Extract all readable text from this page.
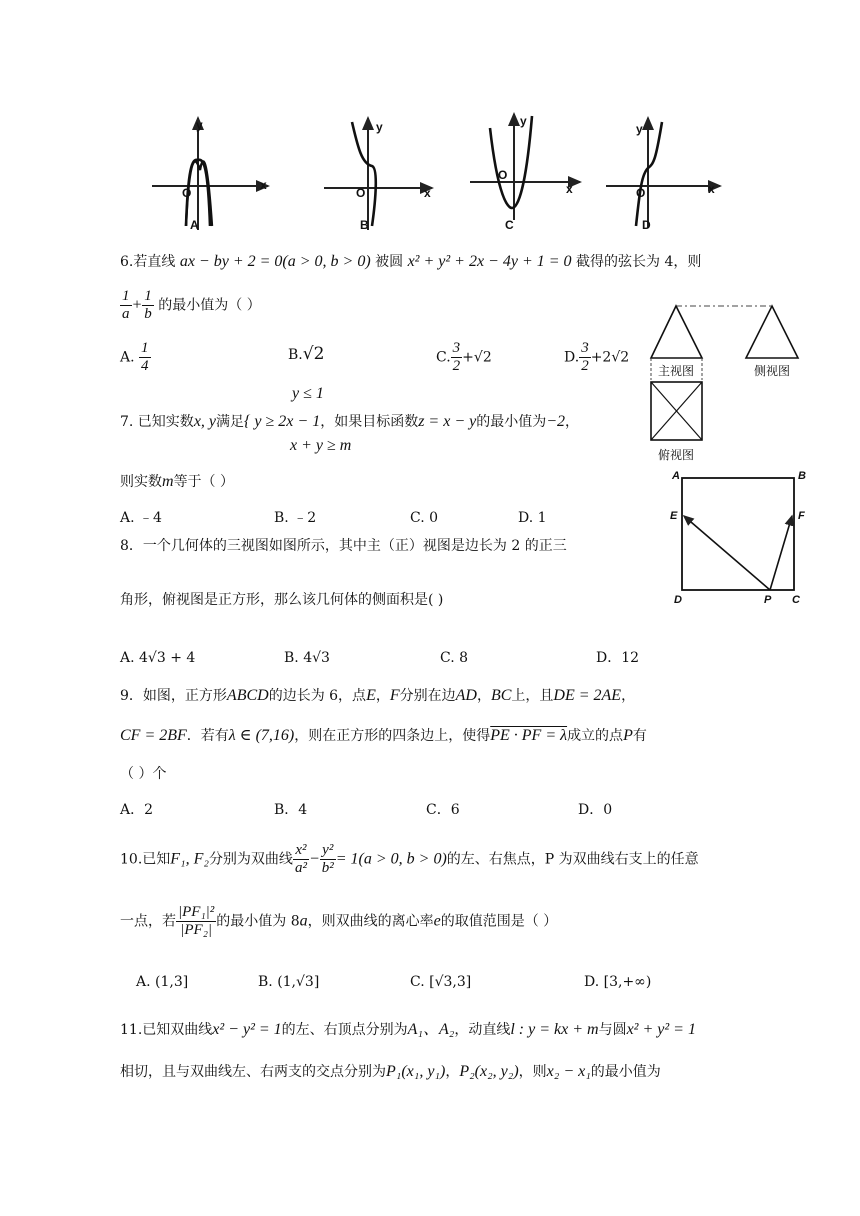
y
x
O
y
x
O
y
x
O
y
x
O
A	B	C	D
6.若直线 ax − by + 2 = 0(a > 0, b > 0) 被圆 x² + y² + 2x − 4y + 1 = 0 截得的弦长为 4，则
$\frac{1}{a} + \frac{1}{b}$ 的最小值为（ ）
A. $\frac{1}{4}$	B.√2	C. $\frac{3}{2} +√2$	D. $\frac{3}{2} +2√2$
主视图	侧视图
俯视图
y ≤ 1
7. 已知实数x, y满足{ y ≥ 2x − 1，如果目标函数z = x − y的最小值为−2，
x + y ≥ m
则实数m等于（ ）
A. ﹣4	B. ﹣2	C. 0	D. 1
A	B
D	C
E	F
P
8．一个几何体的三视图如图所示，其中主（正）视图是边长为 2 的正三
角形，俯视图是正方形，那么该几何体的侧面积是( )
A. 4√3 + 4	B. 4√3	C. 8	D．12
9．如图，正方形ABCD的边长为 6，点E，F分别在边AD，BC上，且DE = 2AE，
CF = 2BF．若有λ ∈ (7,16)，则在正方形的四条边上，使得PE · PF = λ成立的点P有
（ ）个
A．2	B．4	C．6	D．0
10.已知F₁, F₂分别为双曲线 $\frac{\text{x²}}{\text{a²}} - \frac{\text{y²}}{\text{b²}} = 1(a > 0$, b > 0)的左、右焦点，P 为双曲线右支上的任意
一点，若 $\frac{\text{|PF₁|²}}{\text{|PF₂|}}$ 的最小值为 8a，则双曲线的离心率e的取值范围是（ ）
A. (1,3]	B. (1,√3]	C. [√3,3]	D. [3,+∞)
11.已知双曲线x² − y² = 1的左、右顶点分别为A₁、A₂，动直线l : y = kx + m与圆x² + y² = 1
相切，且与双曲线左、右两支的交点分别为P₁(x₁, y₁)，P₂(x₂, y₂)，则x₂ − x₁的最小值为
